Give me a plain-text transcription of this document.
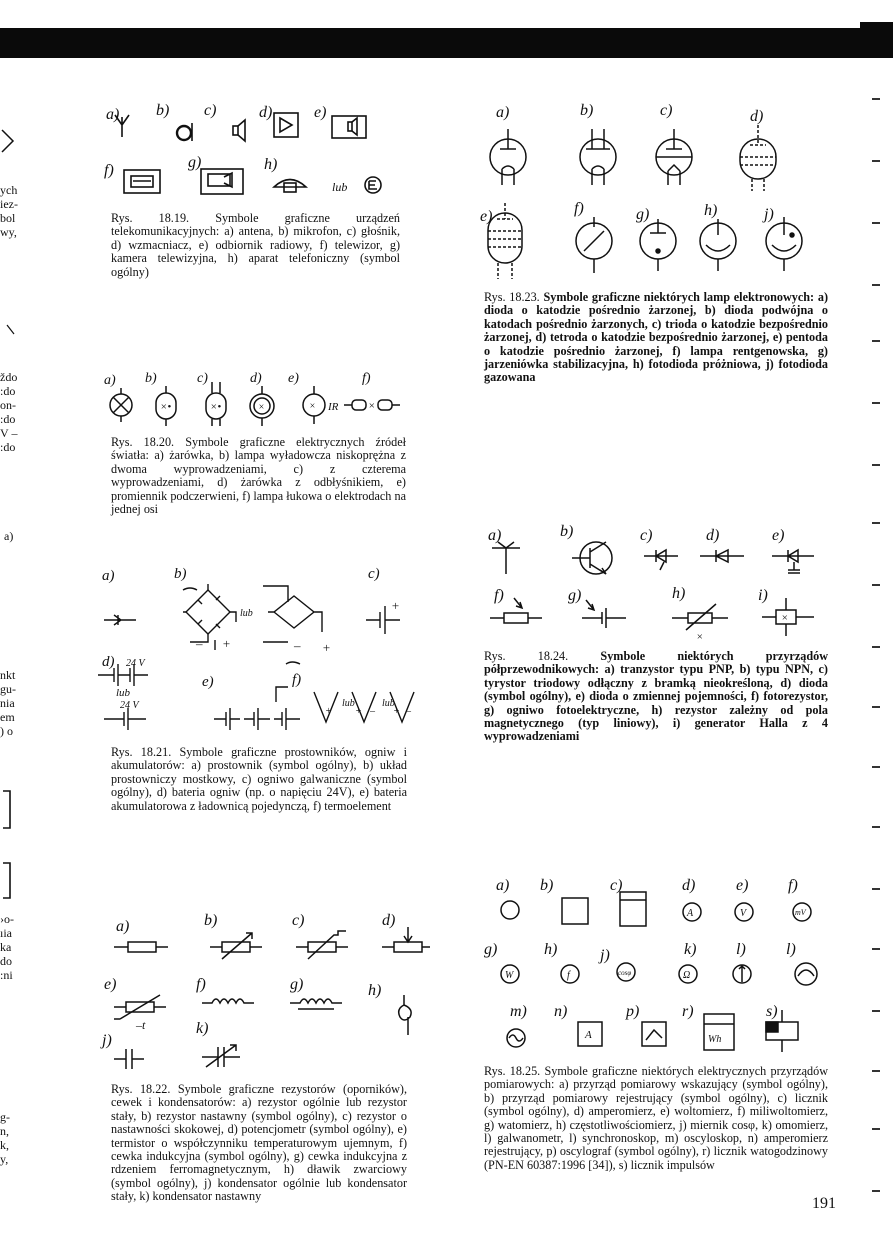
ych
iez-
bol
wy,
ždo
:do
on-
:do
V –
:do
a)
nkt
gu-
nia
em
) o
›o-
ıia
ka
do
:ni
g-
n,
k,
y,
a) b) c)	d)	e)
f)	g)	h)
lub
Rys. 18.19. Symbole graficzne urządzeń telekomunikacyjnych: a) antena, b) mikrofon, c) głośnik, d) wzmacniacz, e) odbiornik radiowy, f) telewizor, g) kamera telewizyjna, h) aparat telefoniczny (symbol ogólny)
a) b)
×•
c)
×•
d)
×
e)
× IR
f)
×
Rys. 18.20. Symbole graficzne elektrycznych źródeł światła: a) żarówka, b) lampa wyładowcza niskoprężna z dwoma wyprowadzeniami, c) z czterema wyprowadzeniami, d) żarówka z odbłyśnikiem, e) promiennik podczerwieni, f) lampa łukowa o elektrodach na jednej osi
a)	b)
+
–
lub
– +
c)
+
d) 24 V
lub
24 V
e)	f)
+
lub
+ –
lub
+ –
Rys. 18.21. Symbole graficzne prostowników, ogniw i akumulatorów: a) prostownik (symbol ogólny), b) układ prostowniczy mostkowy, c) ogniwo galwaniczne (symbol ogólny), d) bateria ogniw (np. o napięciu 24V), e) bateria akumulatorowa z ładownicą pojedynczą, f) termoelement
a)	b)	c)	d)
e)
–t
f)	g)	h)
j)
k)
Rys. 18.22. Symbole graficzne rezystorów (oporników), cewek i kondensatorów: a) rezystor ogólnie lub rezystor stały, b) rezystor nastawny (symbol ogólny), c) rezystor o nastawności skokowej, d) potencjometr (symbol ogólny), e) termistor o współczynniku temperaturowym ujemnym, f) cewka indukcyjna (symbol ogólny), g) cewka indukcyjna z rdzeniem ferromagnetycznym, h) dławik zwarciowy (symbol ogólny), j) kondensator ogólnie lub kondensator stały, k) kondensator nastawny
a)	b)	c)	d)
e)	f)	g)	h)	j)
Rys. 18.23. Symbole graficzne niektórych lamp elektronowych: a) dioda o katodzie pośrednio żarzonej, b) dioda podwójna o katodach pośrednio żarzonych, c) trioda o katodzie bezpośrednio żarzonej, d) tetroda o katodzie bezpośrednio żarzonej, e) pentoda o katodzie pośrednio żarzonej, f) lampa rentgenowska, g) jarzeniówka stabilizacyjna, h) fotodioda próżniowa, j) fotodioda gazowana
a)	b)	c)	d)	e)
f)	g)	h)
×
i)
×
Rys. 18.24.	Symbole niektórych przyrządów półprzewodnikowych: a) tranzystor typu PNP, b) typu NPN, c) tyrystor triodowy odłączny z bramką nieokreśloną, d) dioda (symbol ogólny), e) dioda o zmiennej pojemności, f) fotorezystor, g) ogniwo fotoelektryczne, h) rezystor zależny od pola magnetycznego (typ liniowy), i) generator Halla z 4 wyprowadzeniami
a) b)	c)	d)
A
e)
V
f)
mV
g)
W
h)
f
j)
cosφ
k)
Ω
l)	l)
m) n)
A
p)	r)
Wh
s)
Rys. 18.25. Symbole graficzne niektórych elektrycznych przyrządów pomiarowych: a) przyrząd pomiarowy wskazujący (symbol ogólny), b) przyrząd pomiarowy rejestrujący (symbol ogólny), c) licznik (symbol ogólny), d) amperomierz, e) woltomierz, f) miliwoltomierz, g) watomierz, h) częstotliwościomierz, j) miernik cosφ, k) omomierz, l) galwanometr, l) synchronoskop, m) oscyloskop, n) amperomierz rejestrujący, p) oscylograf (symbol ogólny), r) licznik watogodzinowy (PN-EN 60387:1996 [34]), s) licznik impulsów
191
